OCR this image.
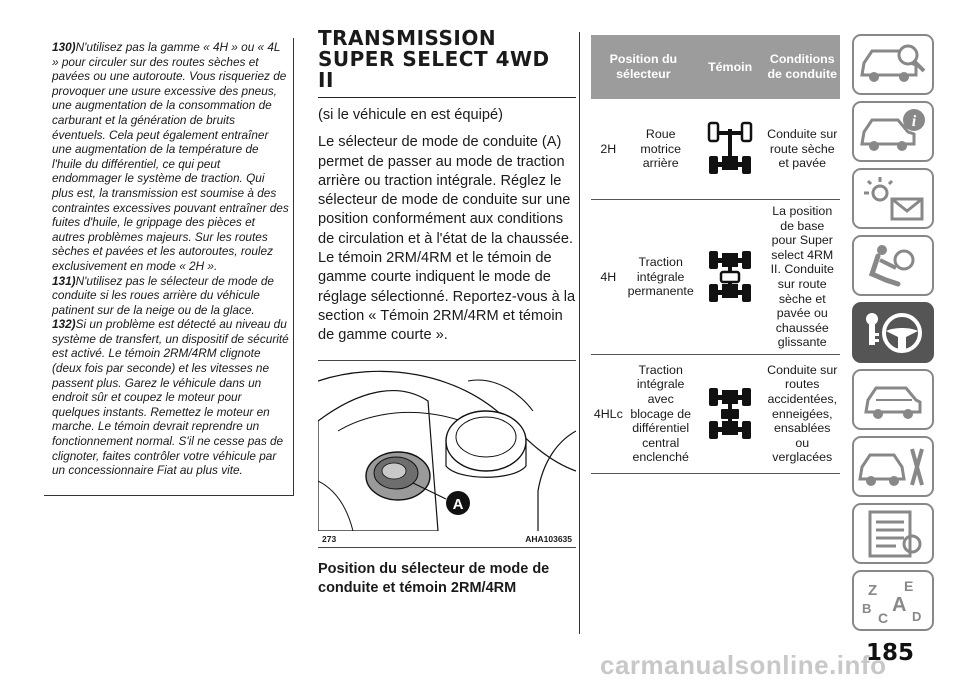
130)N'utilisez pas la gamme « 4H » ou « 4L » pour circuler sur des routes sèches et pavées ou une autoroute. Vous risqueriez de provoquer une usure excessive des pneus, une augmentation de la consommation de carburant et la génération de bruits éventuels. Cela peut également entraîner une augmentation de la température de l'huile du différentiel, ce qui peut endommager le système de traction. Qui plus est, la transmission est soumise à des contraintes excessives pouvant entraîner des fuites d'huile, le grippage des pièces et autres problèmes majeurs. Sur les routes sèches et pavées et les autoroutes, roulez exclusivement en mode « 2H ».

131)N'utilisez pas le sélecteur de mode de conduite si les roues arrière du véhicule patinent sur de la neige ou de la glace.

132)Si un problème est détecté au niveau du système de transfert, un dispositif de sécurité est activé. Le témoin 2RM/4RM clignote (deux fois par seconde) et les vitesses ne passent plus. Garez le véhicule dans un endroit sûr et coupez le moteur pour quelques instants. Remettez le moteur en marche. Le témoin devrait reprendre un fonctionnement normal. S'il ne cesse pas de clignoter, faites contrôler votre véhicule par un concessionnaire Fiat au plus vite.

TRANSMISSION
SUPER SELECT 4WD
II

(si le véhicule en est équipé)

Le sélecteur de mode de conduite (A) permet de passer au mode de traction arrière ou traction intégrale. Réglez le sélecteur de mode de conduite sur une position conformément aux conditions de circulation et à l'état de la chaussée. Le témoin 2RM/4RM et le témoin de gamme courte indiquent le mode de réglage sélectionné. Reportez-vous à la section « Témoin 2RM/4RM et témoin de gamme courte ».

A
273	AHA103635
Position du sélecteur de mode de conduite et témoin 2RM/4RM
Position du sélecteur		Témoin	Conditions de conduite
2H	Roue motrice arrière		Conduite sur route sèche et pavée
4H	Traction intégrale permanente		La position de base pour Super select 4RM II. Conduite sur route sèche et pavée ou chaussée glissante
4HLc	Traction intégrale avec blocage de différentiel central enclenché		Conduite sur routes accidentées, enneigées, ensablées ou verglacées
i
Z E
B A
C D
185
carmanualsonline.info
